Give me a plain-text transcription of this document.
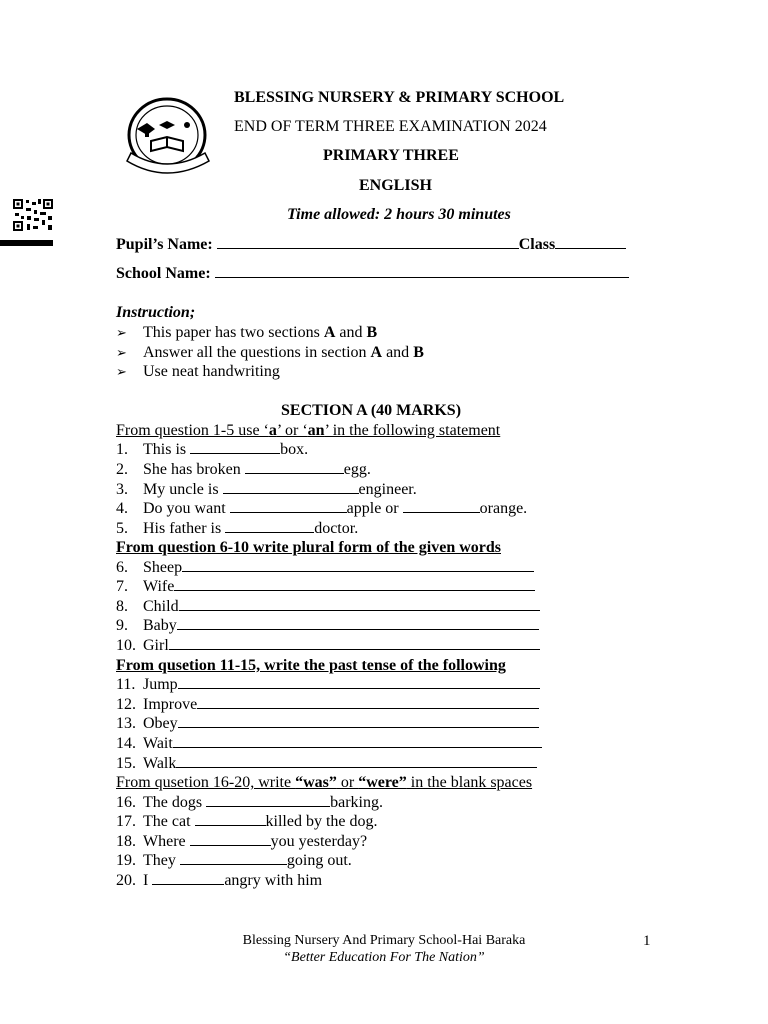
BLESSING NURSERY & PRIMARY SCHOOL
END OF TERM THREE EXAMINATION 2024
PRIMARY THREE
ENGLISH
Time allowed: 2 hours 30 minutes
Pupil’s Name:	Class
School Name:
Instruction;
➢ This paper has two sections A and B
➢ Answer all the questions in section A and B
➢ Use neat handwriting
SECTION A (40 MARKS)
From question 1-5 use ‘a’ or ‘an’ in the following statement
1. This is	box.
2. She has broken	egg.
3. My uncle is	engineer.
4. Do you want	apple or	orange.
5. His father is	doctor.
From question 6-10 write plural form of the given words
6. Sheep
7. Wife
8. Child
9. Baby
10. Girl
From qusetion 11-15, write the past tense of the following
11. Jump
12. Improve
13. Obey
14. Wait
15. Walk
From qusetion 16-20, write “was” or “were” in the blank spaces
16. The dogs	barking.
17. The cat	killed by the dog.
18. Where	you yesterday?
19. They	going out.
20. I	angry with him
Blessing Nursery And Primary School-Hai Baraka
“Better Education For The Nation”
1
